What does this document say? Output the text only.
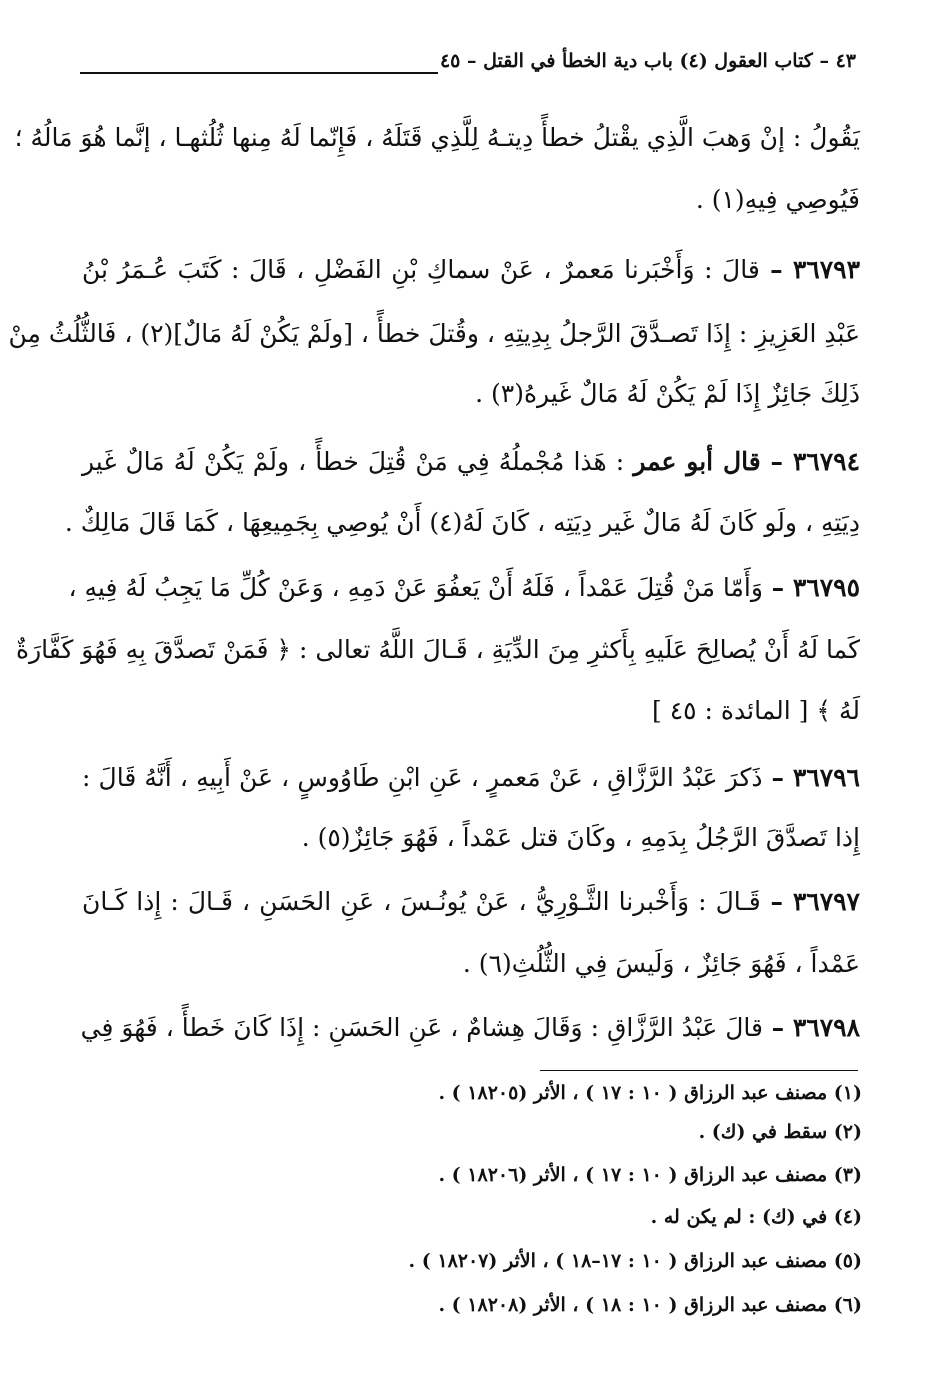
٤٣ – كتاب العقول (٤) باب دية الخطأ في القتل – ٤٥
يَقُولُ : إنْ وَهبَ الَّذِي يقْتلُ خطأً دِيتـهُ لِلَّذِي قَتَلَهُ ، فَإِنّما لَهُ مِنها ثُلُثهـا ، إنَّما هُوَ مَالُهُ ؛
فَيُوصِي فِيهِ(١) .
٣٦٧٩٣ – قالَ : وَأَخْبَرنا مَعمرٌ ، عَنْ سماكِ بْنِ الفَضْلِ ، قَالَ : كَتَبَ عُـمَرُ بْنُ
عَبْدِ العَزِيزِ : إِذَا تَصـدَّقَ الرَّجلُ بِدِيتِهِ ، وقُتلَ خطأً ، [ولَمْ يَكُنْ لَهُ مَالٌ](٢) ، فَالثُّلُثُ مِنْ
ذَلِكَ جَائِزٌ إِذَا لَمْ يَكُنْ لَهُ مَالٌ غَيرهُ(٣) .
٣٦٧٩٤ – قال أبو عمر : هَذا مُجْملُهُ فِي مَنْ قُتِلَ خطأً ، ولَمْ يَكُنْ لَهُ مَالٌ غَير
دِيَتِهِ ، ولَو كَانَ لَهُ مَالٌ غَير دِيَتِه ، كَانَ لَهُ(٤) أَنْ يُوصِي بِجَمِيعِهَا ، كَمَا قَالَ مَالِكٌ .
٣٦٧٩٥ – وَأَمّا مَنْ قُتِلَ عَمْداً ، فَلَهُ أَنْ يَعفُوَ عَنْ دَمِهِ ، وَعَنْ كُلِّ مَا يَجِبُ لَهُ فِيهِ ،
كَما لَهُ أَنْ يُصالِحَ عَلَيهِ بِأَكثرِ مِنَ الدِّيَةِ ، قَـالَ اللَّهُ تعالى : ﴿ فَمَنْ تَصدَّقَ بِهِ فَهُوَ كَفَّارَةٌ
لَهُ ﴾ [ المائدة : ٤٥ ]
٣٦٧٩٦ – ذَكرَ عَبْدُ الرَّزَّاقِ ، عَنْ مَعمرٍ ، عَنِ ابْنِ طَاوُوسٍ ، عَنْ أَبِيهِ ، أَنَّهُ قَالَ :
إِذا تَصدَّقَ الرَّجُلُ بِدَمِهِ ، وكَانَ قتل عَمْداً ، فَهُوَ جَائِزٌ(٥) .
٣٦٧٩٧ – قَـالَ : وَأَخْبرنا الثَّـوْرِيُّ ، عَنْ يُونُـسَ ، عَنِ الحَسَنِ ، قَـالَ : إِذا كَـانَ
عَمْداً ، فَهُوَ جَائِزٌ ، وَلَيسَ فِي الثُّلُثِ(٦) .
٣٦٧٩٨ – قالَ عَبْدُ الرَّزَّاقِ : وَقَالَ هِشامٌ ، عَنِ الحَسَنِ : إِذَا كَانَ خَطأً ، فَهُوَ فِي
(١) مصنف عبد الرزاق ( ١٠ : ١٧ ) ، الأثر (١٨٢٠٥ ) .
(٢) سقط في (ك) .
(٣) مصنف عبد الرزاق ( ١٠ : ١٧ ) ، الأثر (١٨٢٠٦ ) .
(٤) في (ك) : لم يكن له .
(٥) مصنف عبد الرزاق ( ١٠ : ١٧–١٨ ) ، الأثر (١٨٢٠٧ ) .
(٦) مصنف عبد الرزاق ( ١٠ : ١٨ ) ، الأثر (١٨٢٠٨ ) .
